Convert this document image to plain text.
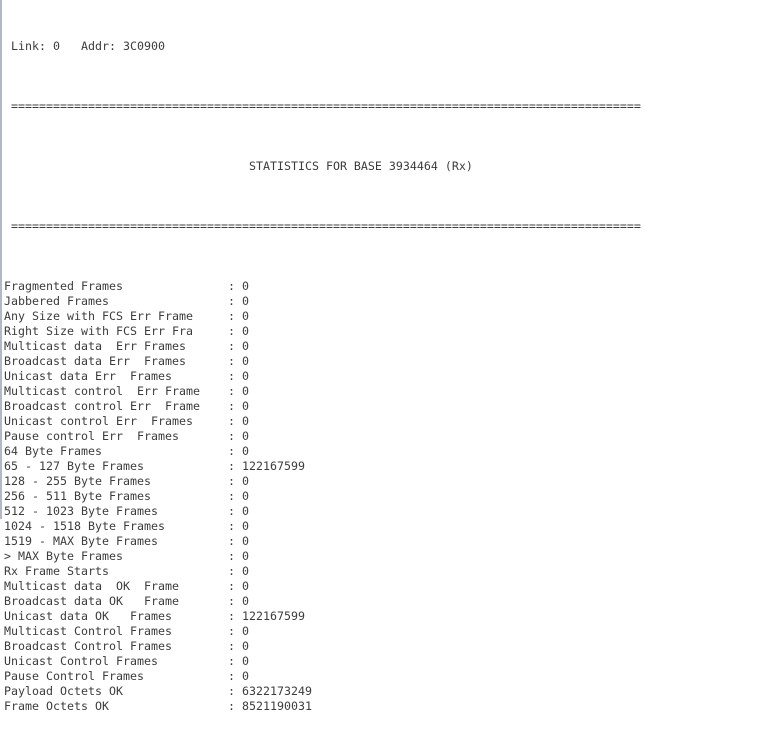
Link: 0   Addr: 3C0900

==========================================================================================

STATISTICS FOR BASE 3934464 (Rx)

==========================================================================================

Fragmented Frames	: 0
Jabbered Frames	: 0
Any Size with FCS Err Frame	: 0
Right Size with FCS Err Fra	: 0
Multicast data  Err Frames	: 0
Broadcast data Err  Frames	: 0
Unicast data Err  Frames	: 0
Multicast control  Err Frame : 0
Broadcast control Err  Frame : 0
Unicast control Err  Frames	: 0
Pause control Err  Frames	: 0
64 Byte Frames	: 0
65 - 127 Byte Frames	: 122167599
128 - 255 Byte Frames	: 0
256 - 511 Byte Frames	: 0
512 - 1023 Byte Frames	: 0
1024 - 1518 Byte Frames	: 0
1519 - MAX Byte Frames	: 0
> MAX Byte Frames	: 0
Rx Frame Starts	: 0
Multicast data  OK  Frame	: 0
Broadcast data OK   Frame	: 0
Unicast data OK   Frames	: 122167599
Multicast Control Frames	: 0
Broadcast Control Frames	: 0
Unicast Control Frames	: 0
Pause Control Frames	: 0
Payload Octets OK	: 6322173249
Frame Octets OK	: 8521190031
